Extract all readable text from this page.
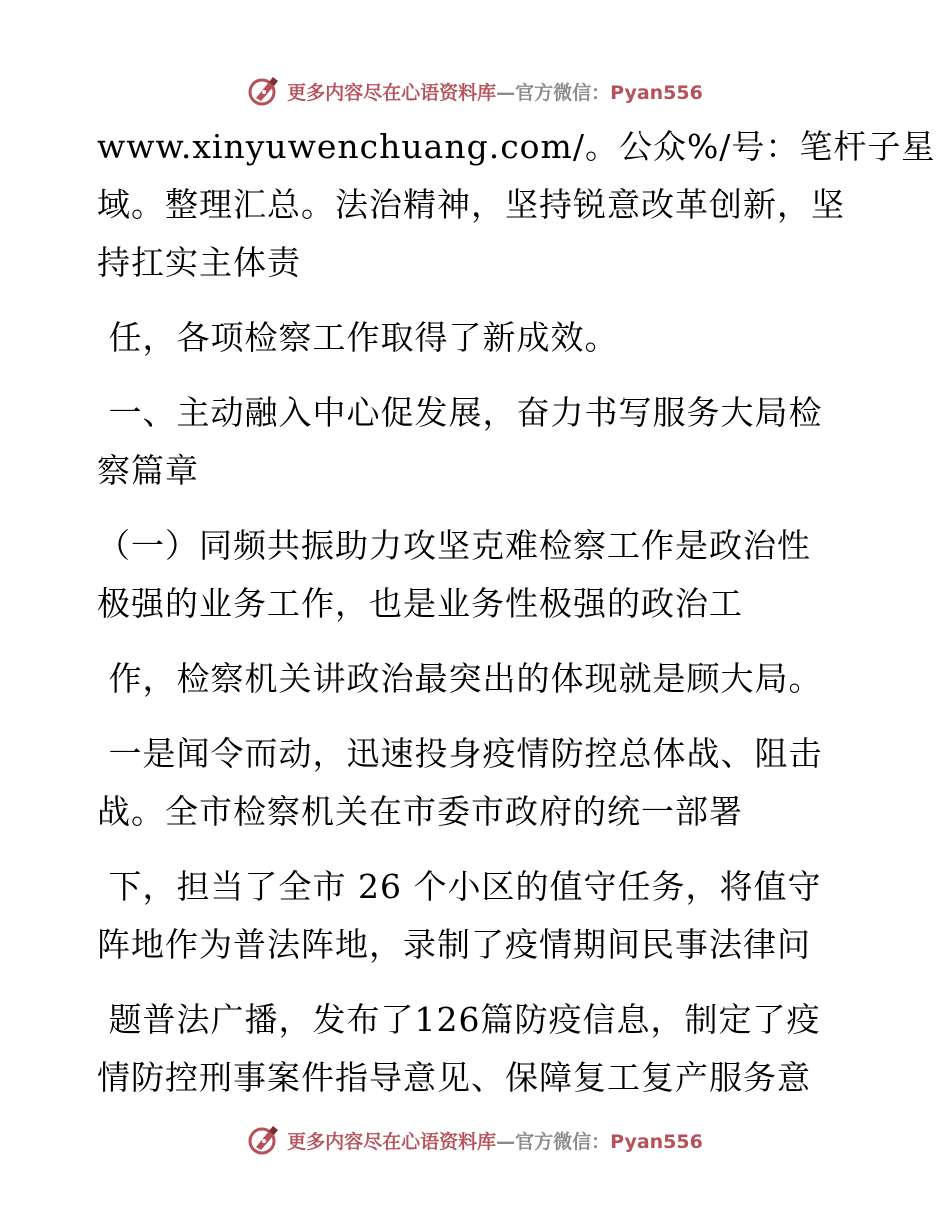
更多内容尽在心语资料库—官方微信：Pyan556
www.xinyuwenchuang.com/。公众%/号：笔杆子星
域。整理汇总。法治精神，坚持锐意改革创新，坚
持扛实主体责
任，各项检察工作取得了新成效。
一、主动融入中心促发展，奋力书写服务大局检
察篇章
（一）同频共振助力攻坚克难检察工作是政治性
极强的业务工作，也是业务性极强的政治工
作，检察机关讲政治最突出的体现就是顾大局。
一是闻令而动，迅速投身疫情防控总体战、阻击
战。全市检察机关在市委市政府的统一部署
下，担当了全市 26 个小区的值守任务，将值守
阵地作为普法阵地，录制了疫情期间民事法律问
题普法广播，发布了126篇防疫信息，制定了疫
情防控刑事案件指导意见、保障复工复产服务意
更多内容尽在心语资料库—官方微信：Pyan556
